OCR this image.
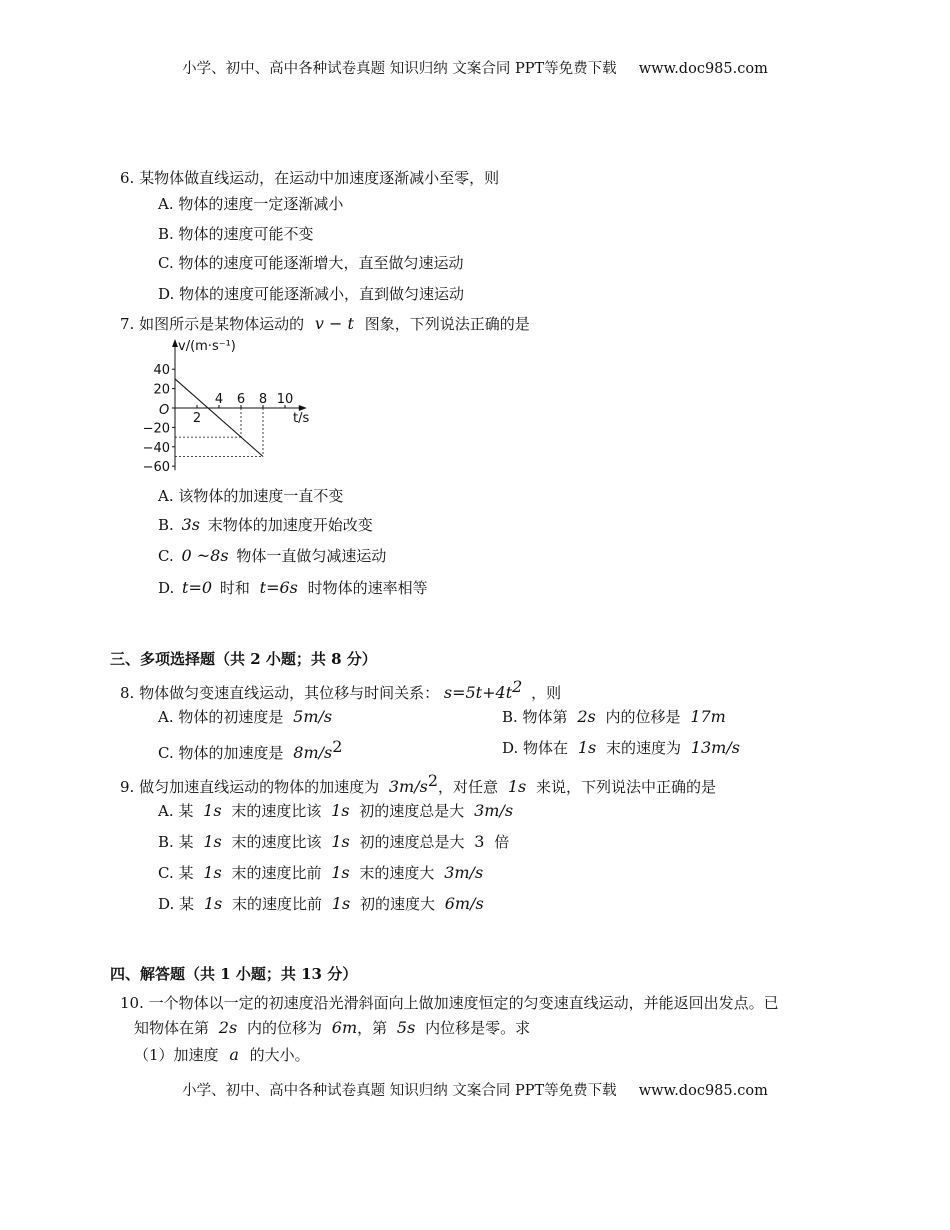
小学、初中、高中各种试卷真题 知识归纳 文案合同 PPT等免费下载 www.doc985.com
6. 某物体做直线运动，在运动中加速度逐渐减小至零，则
A. 物体的速度一定逐渐减小
B. 物体的速度可能不变
C. 物体的速度可能逐渐增大，直至做匀速运动
D. 物体的速度可能逐渐减小，直到做匀速运动
7. 如图所示是某物体运动的 v − t 图象，下列说法正确的是
40
20
−20
−40
−60
2
4 6 8 10
v/(m·s⁻¹)
t/s
O
A. 该物体的加速度一直不变
B. 3s 末物体的加速度开始改变
C. 0 ~8s 物体一直做匀减速运动
D. t=0 时和 t=6s 时物体的速率相等
三、多项选择题（共 2 小题；共 8 分）
8. 物体做匀变速直线运动，其位移与时间关系： $s=5t+4t^2$ ，则
A. 物体的初速度是 5m/s	B. 物体第 2s 内的位移是 17m
C. 物体的加速度是 $8m/s^2$	D. 物体在 1s 末的速度为 13m/s
9. 做匀加速直线运动的物体的加速度为 $3m/s^2$，对任意 1s 来说，下列说法中正确的是
A. 某 1s 末的速度比该 1s 初的速度总是大 3m/s
B. 某 1s 末的速度比该 1s 初的速度总是大 3 倍
C. 某 1s 末的速度比前 1s 末的速度大 3m/s
D. 某 1s 末的速度比前 1s 初的速度大 6m/s
四、解答题（共 1 小题；共 13 分）
10. 一个物体以一定的初速度沿光滑斜面向上做加速度恒定的匀变速直线运动，并能返回出发点。已
知物体在第 2s 内的位移为 6m，第 5s 内位移是零。求
（1）加速度 a 的大小。
小学、初中、高中各种试卷真题 知识归纳 文案合同 PPT等免费下载 www.doc985.com
